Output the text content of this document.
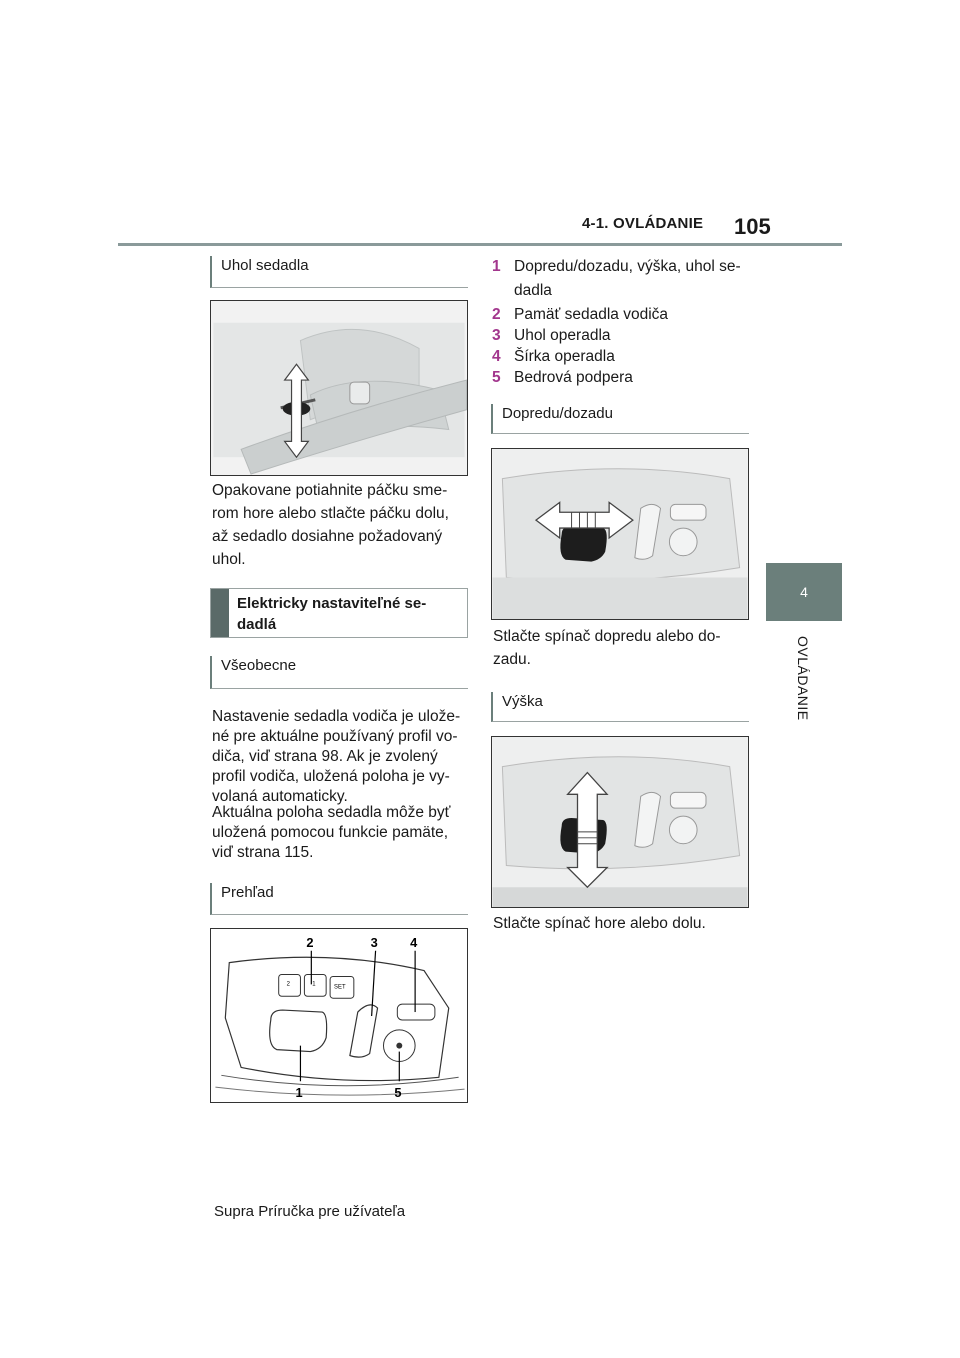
4-1. OVLÁDANIE 105
4
OVLÁDANIE
Uhol sedadla
Opakovane potiahnite páčku sme-
rom hore alebo stlačte páčku dolu,
až sedadlo dosiahne požadovaný
uhol.
Elektricky nastaviteľné se-
dadlá
Všeobecne
Nastavenie sedadla vodiča je ulože-
né pre aktuálne používaný profil vo-
diča, viď strana 98. Ak je zvolený
profil vodiča, uložená poloha je vy-
volaná automaticky.
Aktuálna poloha sedadla môže byť
uložená pomocou funkcie pamäte,
viď strana 115.
Prehľad
2	1	SET
2	3 4
1	5
1 Dopredu/dozadu, výška, uhol se-
dadla
2 Pamäť sedadla vodiča
3 Uhol operadla
4 Šírka operadla
5 Bedrová podpera
Dopredu/dozadu
Stlačte spínač dopredu alebo do-
zadu.
Výška
Stlačte spínač hore alebo dolu.
Supra Príručka pre užívateľa
